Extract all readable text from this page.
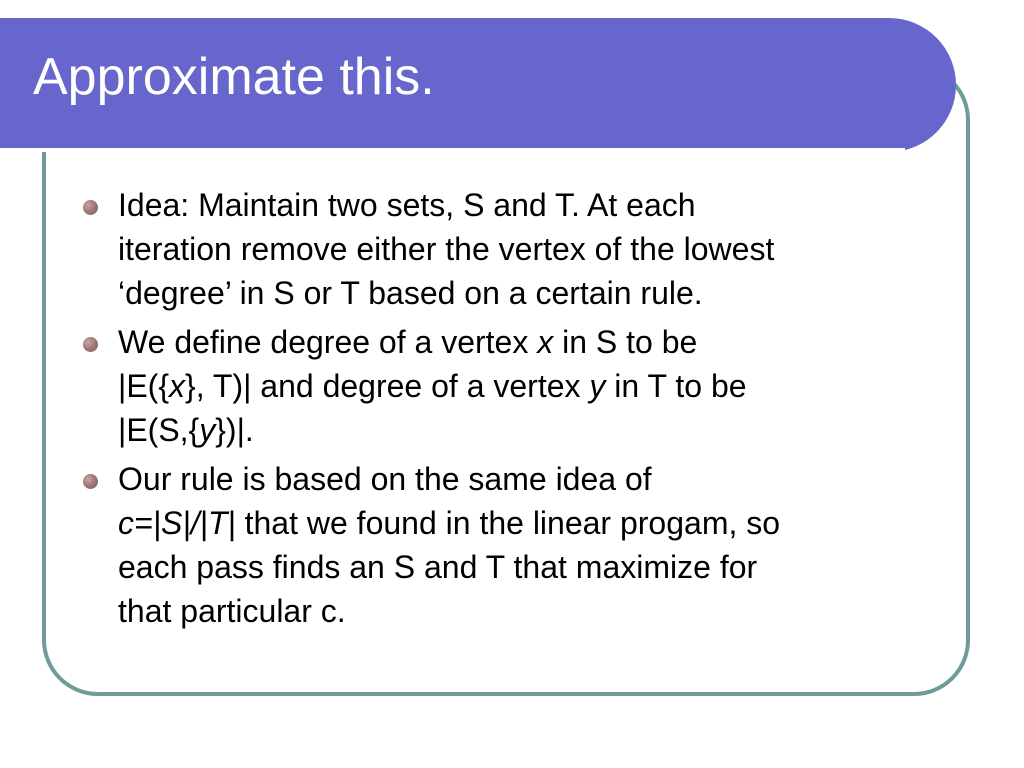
Approximate this.
Idea: Maintain two sets, S and T. At each
iteration remove either the vertex of the lowest
‘degree’ in S or T based on a certain rule.
We define degree of a vertex x in S to be
|E({x}, T)| and degree of a vertex y in T to be
|E(S,{y})|.
Our rule is based on the same idea of
c=|S|/|T| that we found in the linear progam, so
each pass finds an S and T that maximize for
that particular c.
